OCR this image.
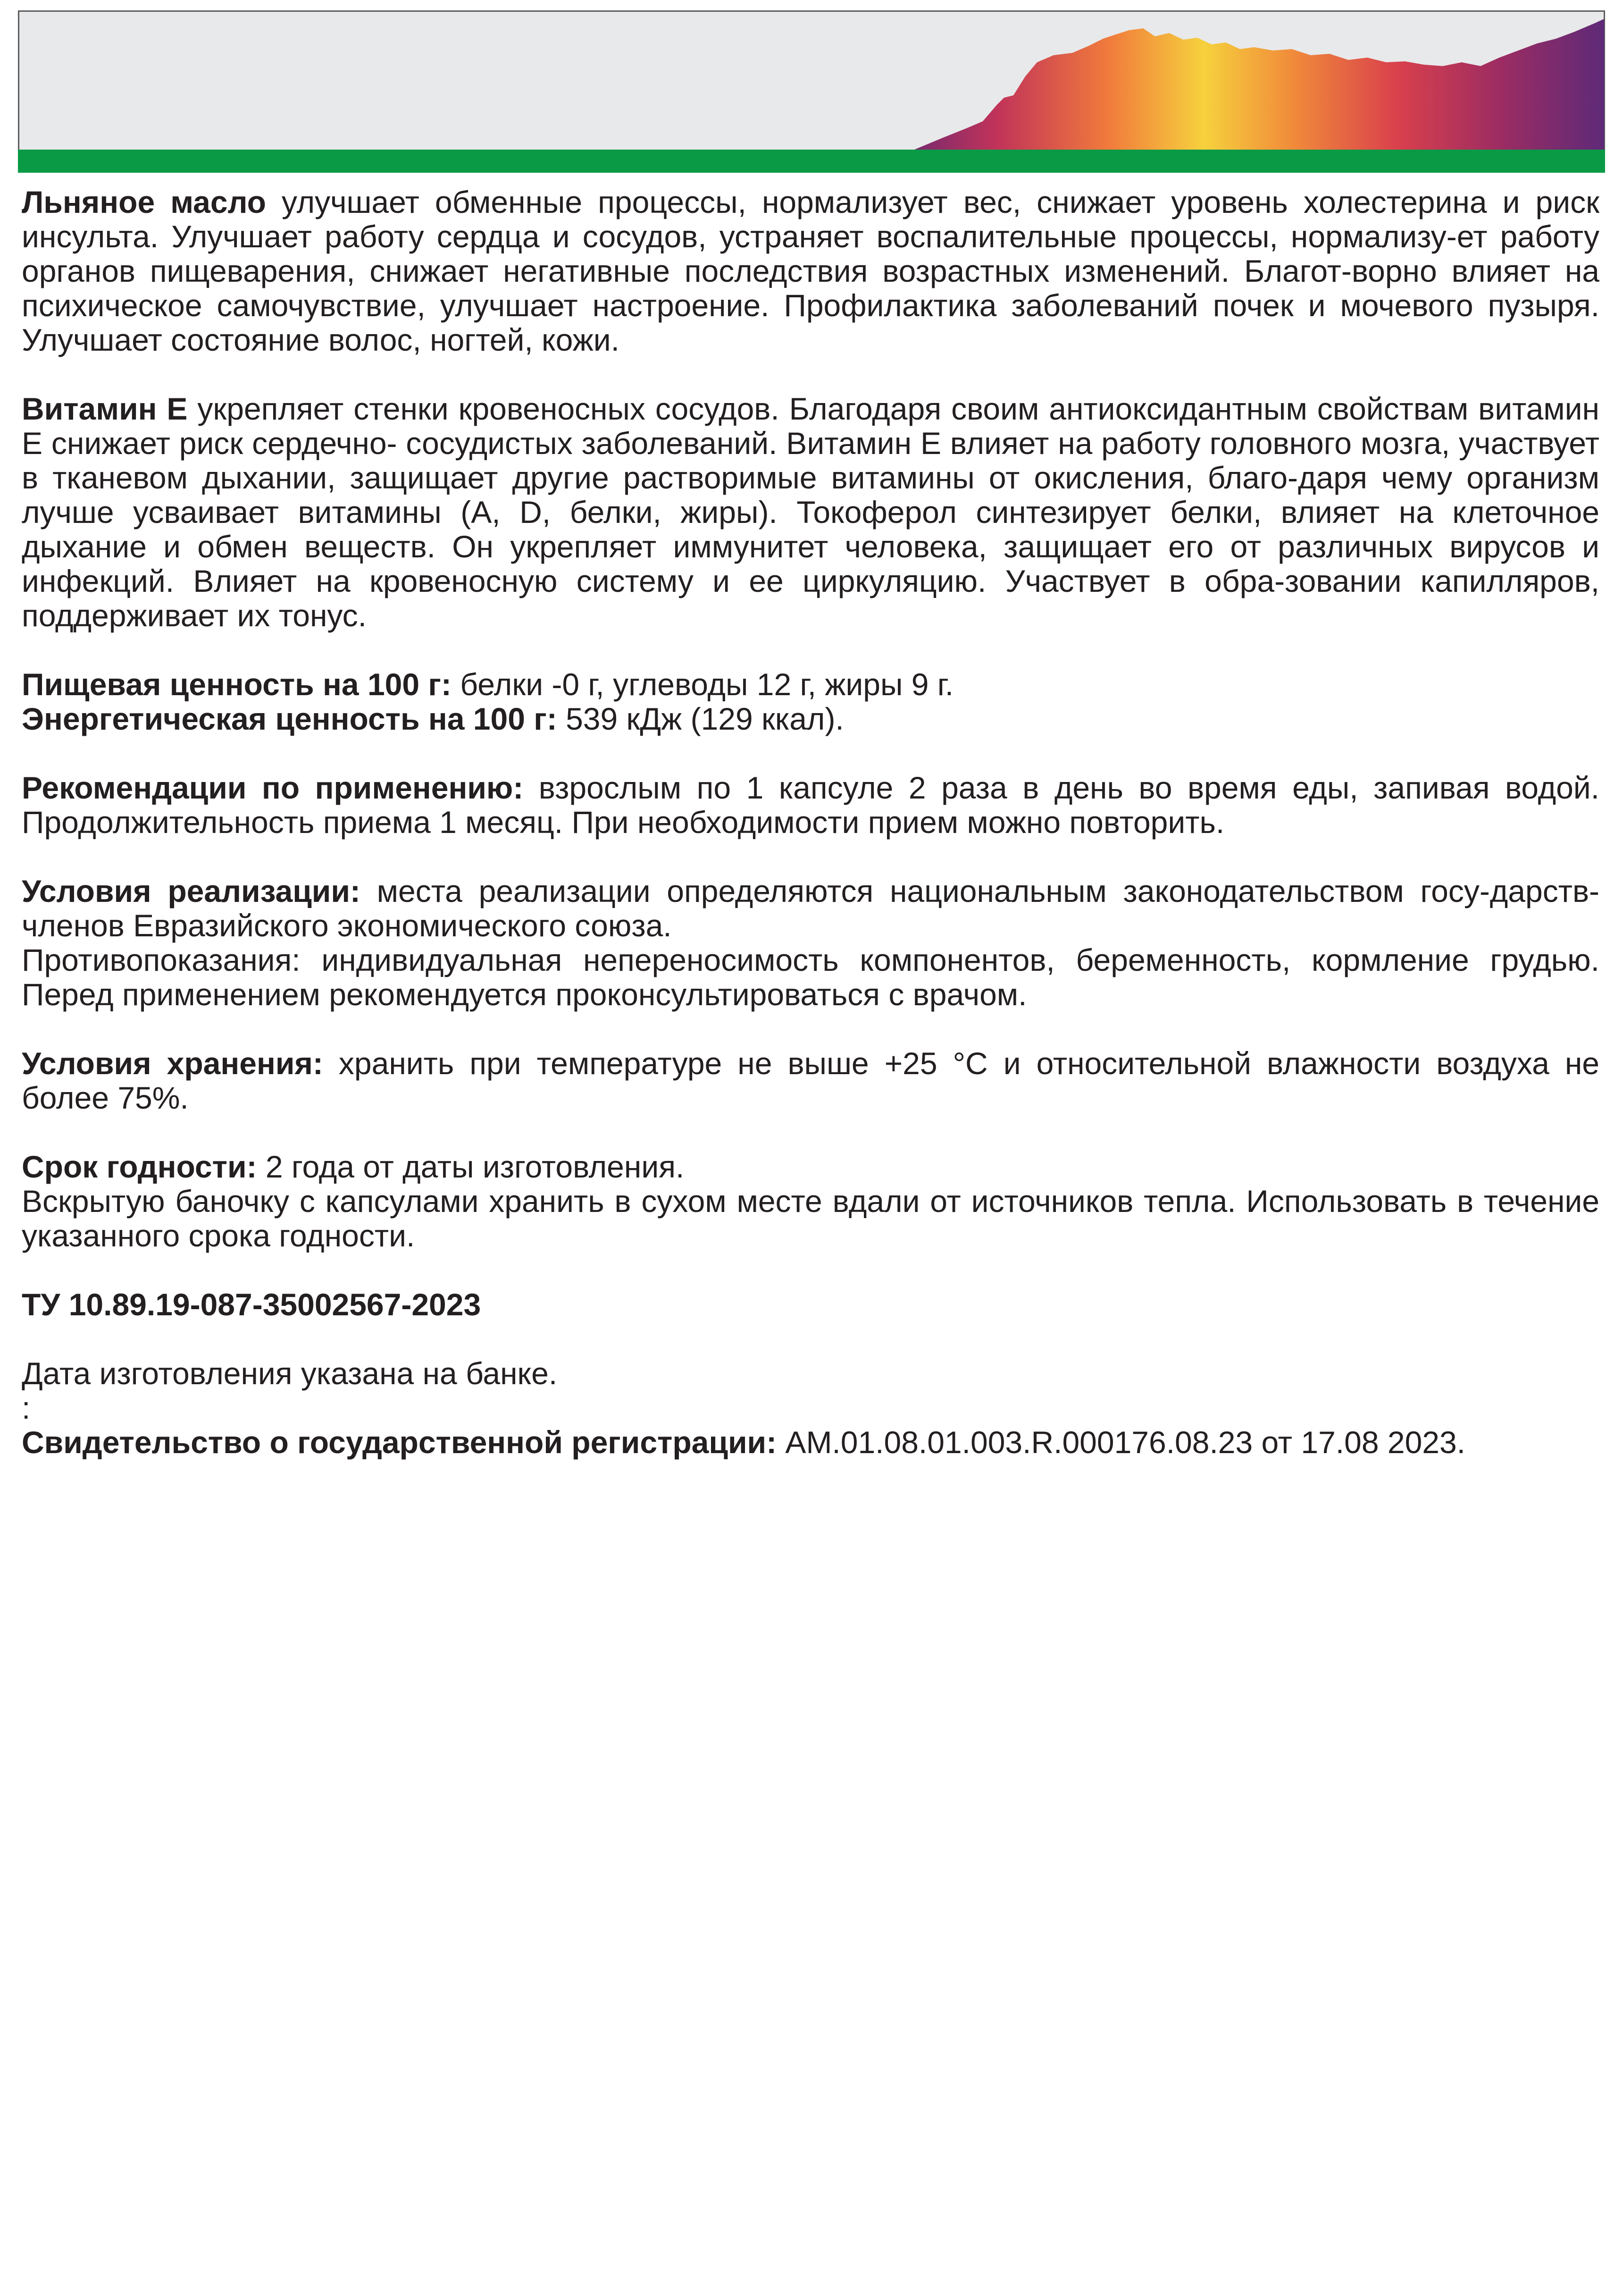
Льняное масло улучшает обменные процессы, нормализует вес, снижает уровень холестерина и риск инсульта. Улучшает работу сердца и сосудов, устраняет воспалительные процессы, нормализу-ет работу органов пищеварения, снижает негативные последствия возрастных изменений. Благот-ворно влияет на психическое самочувствие, улучшает настроение. Профилактика заболеваний почек и мочевого пузыря. Улучшает состояние волос, ногтей, кожи.

Витамин Е укрепляет стенки кровеносных сосудов. Благодаря своим антиоксидантным свойствам витамин Е снижает риск сердечно- сосудистых заболеваний. Витамин Е влияет на работу головного мозга, участвует в тканевом дыхании, защищает другие растворимые витамины от окисления, благо-даря чему организм лучше усваивает витамины (А, D, белки, жиры). Токоферол синтезирует белки, влияет на клеточное дыхание и обмен веществ. Он укрепляет иммунитет человека, защищает его от различных вирусов и инфекций. Влияет на кровеносную систему и ее циркуляцию. Участвует в обра-зовании капилляров, поддерживает их тонус.

Пищевая ценность на 100 г: белки -0 г, углеводы 12 г, жиры 9 г.

Энергетическая ценность на 100 г: 539 кДж (129 ккал).

Рекомендации по применению: взрослым по 1 капсуле 2 раза в день во время еды, запивая водой. Продолжительность приема 1 месяц. При необходимости прием можно повторить.

Условия реализации: места реализации определяются национальным законодательством госу-дарств-членов Евразийского экономического союза.

Противопоказания: индивидуальная непереносимость компонентов, беременность, кормление грудью. Перед применением рекомендуется проконсультироваться с врачом.

Условия хранения: хранить при температуре не выше +25 °С и относительной влажности воздуха не более 75%.

Срок годности: 2 года от даты изготовления.

Вскрытую баночку с капсулами хранить в сухом месте вдали от источников тепла. Использовать в течение указанного срока годности.

ТУ 10.89.19-087-35002567-2023

Дата изготовления указана на банке.

:

Свидетельство о государственной регистрации: AM.01.08.01.003.R.000176.08.23 от 17.08 2023.
